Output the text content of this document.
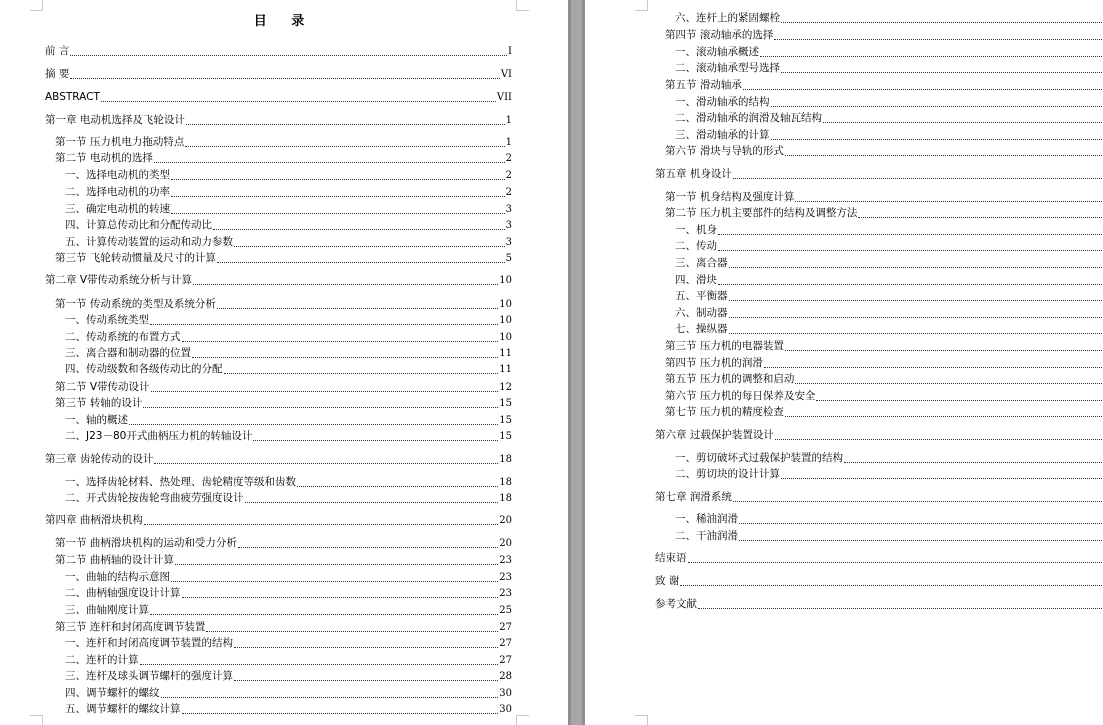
目 录
前 言	I
摘 要	VI
ABSTRACT	VII
第一章 电动机选择及飞轮设计	1
第一节 压力机电力拖动特点	1
第二节 电动机的选择	2
一、选择电动机的类型	2
二、选择电动机的功率	2
三、确定电动机的转速	3
四、计算总传动比和分配传动比	3
五、计算传动装置的运动和动力参数	3
第三节 飞轮转动惯量及尺寸的计算	5
第二章 V带传动系统分析与计算	10
第一节 传动系统的类型及系统分析	10
一、传动系统类型	10
二、传动系统的布置方式	10
三、离合器和制动器的位置	11
四、传动级数和各级传动比的分配	11
第二节 V带传动设计	12
第三节 转轴的设计	15
一、轴的概述	15
二、J23－80开式曲柄压力机的转轴设计	15
第三章 齿轮传动的设计	18
一、选择齿轮材料、热处理、齿轮精度等级和齿数	18
二、开式齿轮按齿轮弯曲疲劳强度设计	18
第四章 曲柄滑块机构	20
第一节 曲柄滑块机构的运动和受力分析	20
第二节 曲柄轴的设计计算	23
一、曲轴的结构示意图	23
二、曲柄轴强度设计计算	23
三、曲轴刚度计算	25
第三节 连杆和封闭高度调节装置	27
一、连杆和封闭高度调节装置的结构	27
二、连杆的计算	27
三、连杆及球头调节螺杆的强度计算	28
四、调节螺杆的螺纹	30
五、调节螺杆的螺纹计算	30
六、连杆上的紧固螺栓
第四节 滚动轴承的选择
一、滚动轴承概述
二、滚动轴承型号选择
第五节 滑动轴承
一、滑动轴承的结构
二、滑动轴承的润滑及轴瓦结构
三、滑动轴承的计算
第六节 滑块与导轨的形式
第五章 机身设计
第一节 机身结构及强度计算
第二节 压力机主要部件的结构及调整方法
一、机身
二、传动
三、离合器
四、滑块
五、平衡器
六、制动器
七、操纵器
第三节 压力机的电器装置
第四节 压力机的润滑
第五节 压力机的调整和启动
第六节 压力机的每日保养及安全
第七节 压力机的精度检查
第六章 过载保护装置设计
一、剪切破坏式过载保护装置的结构
二、剪切块的设计计算
第七章 润滑系统
一、稀油润滑
二、干油润滑
结束语
致 谢
参考文献
